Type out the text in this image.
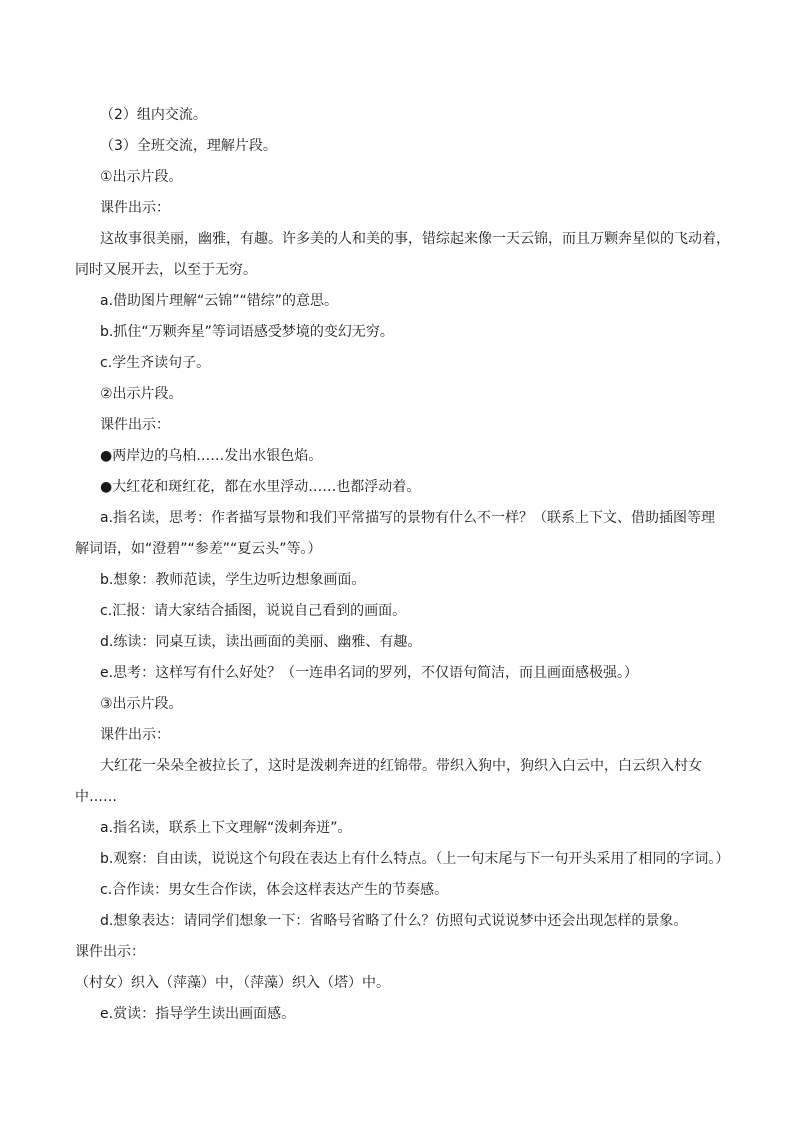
（2）组内交流。

（3）全班交流，理解片段。

①出示片段。

课件出示：

这故事很美丽，幽雅，有趣。许多美的人和美的事，错综起来像一天云锦，而且万颗奔星似的飞动着，
同时又展开去，以至于无穷。

a.借助图片理解“云锦”“错综”的意思。

b.抓住“万颗奔星”等词语感受梦境的变幻无穷。

c.学生齐读句子。

②出示片段。

课件出示：

●两岸边的乌柏……发出水银色焰。

●大红花和斑红花，都在水里浮动……也都浮动着。

a.指名读，思考：作者描写景物和我们平常描写的景物有什么不一样？（联系上下文、借助插图等理
解词语，如“澄碧”“参差”“夏云头”等。）

b.想象：教师范读，学生边听边想象画面。

c.汇报：请大家结合插图，说说自己看到的画面。

d.练读：同桌互读，读出画面的美丽、幽雅、有趣。

e.思考：这样写有什么好处？（一连串名词的罗列，不仅语句简洁，而且画面感极强。）

③出示片段。

课件出示：

大红花一朵朵全被拉长了，这时是泼刺奔迸的红锦带。带织入狗中，狗织入白云中，白云织入村女
中……

a.指名读，联系上下文理解“泼刺奔迸”。

b.观察：自由读，说说这个句段在表达上有什么特点。（上一句末尾与下一句开头采用了相同的字词。）

c.合作读：男女生合作读，体会这样表达产生的节奏感。

d.想象表达：请同学们想象一下：省略号省略了什么？仿照句式说说梦中还会出现怎样的景象。

课件出示：

（村女）织入（萍藻）中，（萍藻）织入（塔）中。

e.赏读：指导学生读出画面感。
